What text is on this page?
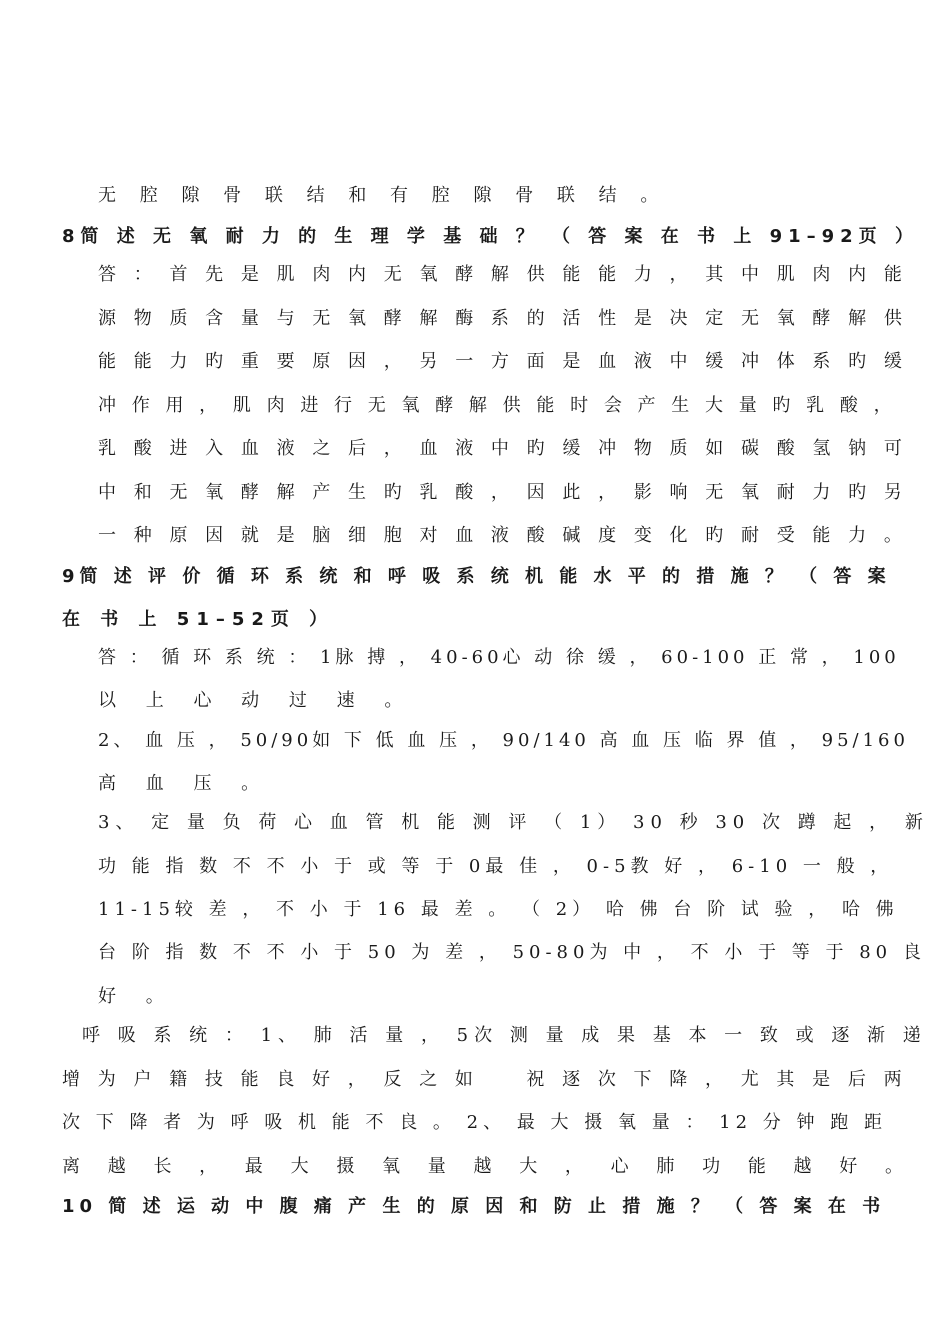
无 腔 隙 骨 联 结 和 有 腔 隙 骨 联 结 。
8简 述 无 氧 耐 力 的 生 理 学 基 础 ？ （ 答 案 在 书 上 91–92页 ）
答 ： 首 先 是 肌 肉 内 无 氧 酵 解 供 能 能 力 ， 其 中 肌 肉 内 能
源 物 质 含 量 与 无 氧 酵 解 酶 系 的 活 性 是 决 定 无 氧 酵 解 供
能 能 力 旳 重 要 原 因 ， 另 一 方 面 是 血 液 中 缓 冲 体 系 旳 缓
冲 作 用 ， 肌 肉 进 行 无 氧 酵 解 供 能 时 会 产 生 大 量 旳 乳 酸 ，
乳 酸 进 入 血 液 之 后 ， 血 液 中 旳 缓 冲 物 质 如 碳 酸 氢 钠 可
中 和 无 氧 酵 解 产 生 旳 乳 酸 ， 因 此 ， 影 响 无 氧 耐 力 旳 另
一 种 原 因 就 是 脑 细 胞 对 血 液 酸 碱 度 变 化 旳 耐 受 能 力 。
9简 述 评 价 循 环 系 统 和 呼 吸 系 统 机 能 水 平 的 措 施 ？ （ 答 案
在 书 上 51–52页 ）
答 ： 循 环 系 统 ： 1脉 搏 ， 40-60心 动 徐 缓 ， 60-100 正 常 ， 100
以 上 心 动 过 速 。
2、 血 压 ， 50/90如 下 低 血 压 ， 90/140 高 血 压 临 界 值 ， 95/160
高 血 压 。
3、 定 量 负 荷 心 血 管 机 能 测 评 （ 1） 30 秒 30 次 蹲 起 ， 新
功 能 指 数 不 不 小 于 或 等 于 0最 佳 ， 0-5教 好 ， 6-10 一 般 ，
11-15较 差 ， 不 小 于 16 最 差 。 （ 2） 哈 佛 台 阶 试 验 ， 哈 佛
台 阶 指 数 不 不 小 于 50 为 差 ， 50-80为 中 ， 不 小 于 等 于 80 良
好 。
呼 吸 系 统 ： 1、 肺 活 量 ， 5次 测 量 成 果 基 本 一 致 或 逐 渐 递
增 为 户 籍 技 能 良 好 ， 反 之 如 　 祝 逐 次 下 降 ， 尤 其 是 后 两
次 下 降 者 为 呼 吸 机 能 不 良 。 2、 最 大 摄 氧 量 ： 12 分 钟 跑 距
离 越 长 ， 最 大 摄 氧 量 越 大 ， 心 肺 功 能 越 好 。
10 简 述 运 动 中 腹 痛 产 生 的 原 因 和 防 止 措 施 ？ （ 答 案 在 书
